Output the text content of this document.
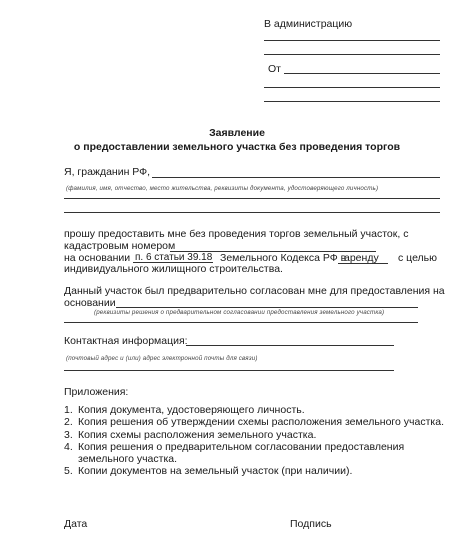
В администрацию
От
Заявление
о предоставлении земельного участка без проведения торгов
Я, гражданин РФ,
(фамилия, имя, отчество, место жительства, реквизиты документа, удостоверяющего личность)
прошу предоставить мне без проведения торгов земельный участок, с
кадастровым номером
на основании п. 6 статьи 39.18 Земельного Кодекса РФ в
аренду с целью
индивидуального жилищного строительства.
Данный участок был предварительно согласован мне для предоставления на
основании
(реквизиты решения о предварительном согласовании предоставления земельного участка)
Контактная информация:
(почтовый адрес и (или) адрес электронной почты для связи)
Приложения:
1. Копия документа, удостоверяющего личность.
2. Копия решения об утверждении схемы расположения земельного участка.
3. Копия схемы расположения земельного участка.
4. Копия решения о предварительном согласовании предоставления
земельного участка.
5. Копии документов на земельный участок (при наличии).
Дата	Подпись
